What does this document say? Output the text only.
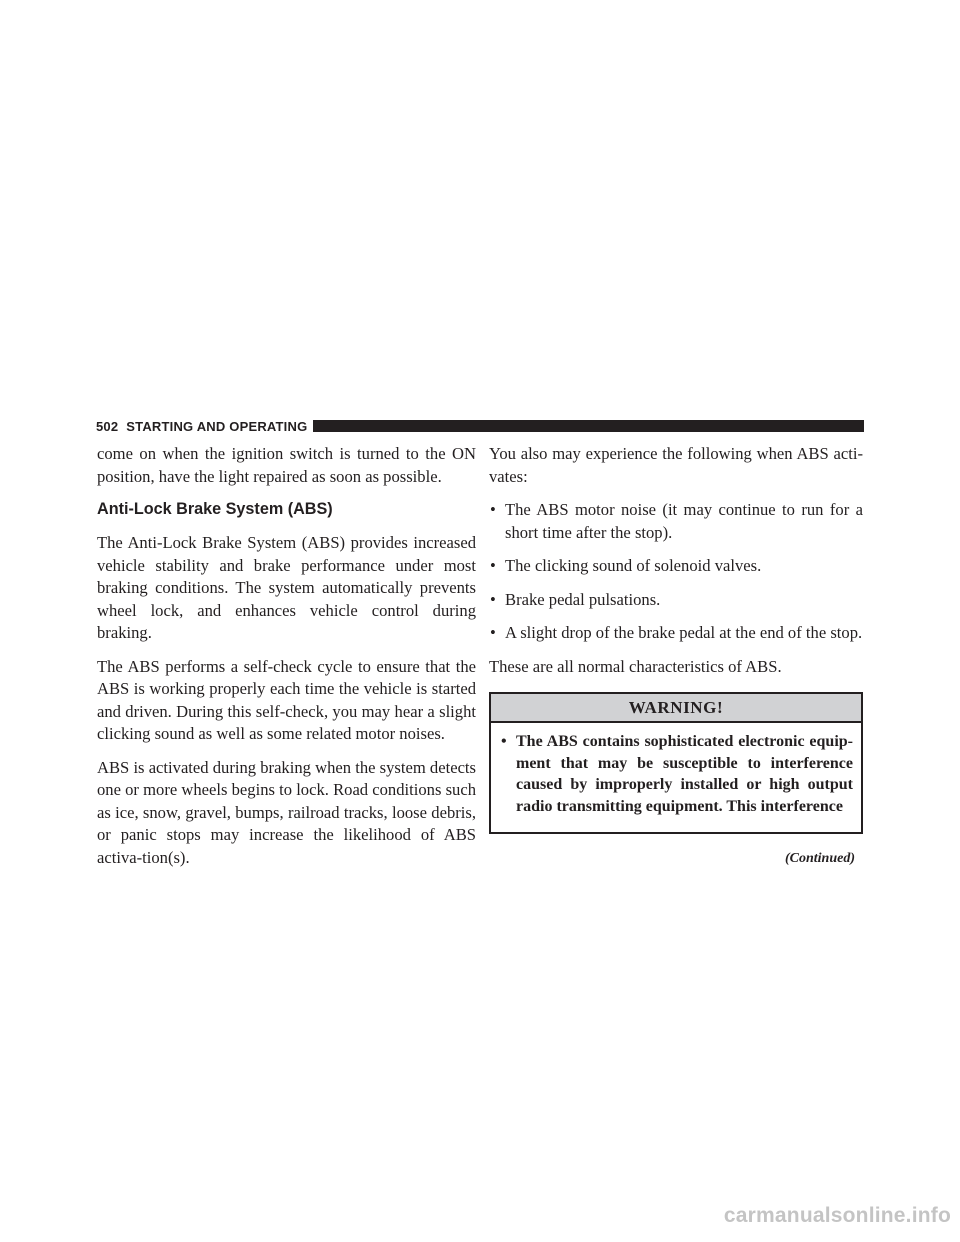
502 STARTING AND OPERATING

come on when the ignition switch is turned to the ON position, have the light repaired as soon as possible.

Anti-Lock Brake System (ABS)

The Anti-Lock Brake System (ABS) provides increased vehicle stability and brake performance under most braking conditions. The system automatically prevents wheel lock, and enhances vehicle control during braking.

The ABS performs a self-check cycle to ensure that the ABS is working properly each time the vehicle is started and driven. During this self-check, you may hear a slight clicking sound as well as some related motor noises.

ABS is activated during braking when the system detects one or more wheels begins to lock. Road conditions such as ice, snow, gravel, bumps, railroad tracks, loose debris, or panic stops may increase the likelihood of ABS activa-tion(s).

You also may experience the following when ABS acti-vates:

• The ABS motor noise (it may continue to run for a short time after the stop).
• The clicking sound of solenoid valves.
• Brake pedal pulsations.
• A slight drop of the brake pedal at the end of the stop.

These are all normal characteristics of ABS.

WARNING!
• The ABS contains sophisticated electronic equip-ment that may be susceptible to interference caused by improperly installed or high output radio transmitting equipment. This interference
(Continued)
carmanualsonline.info
